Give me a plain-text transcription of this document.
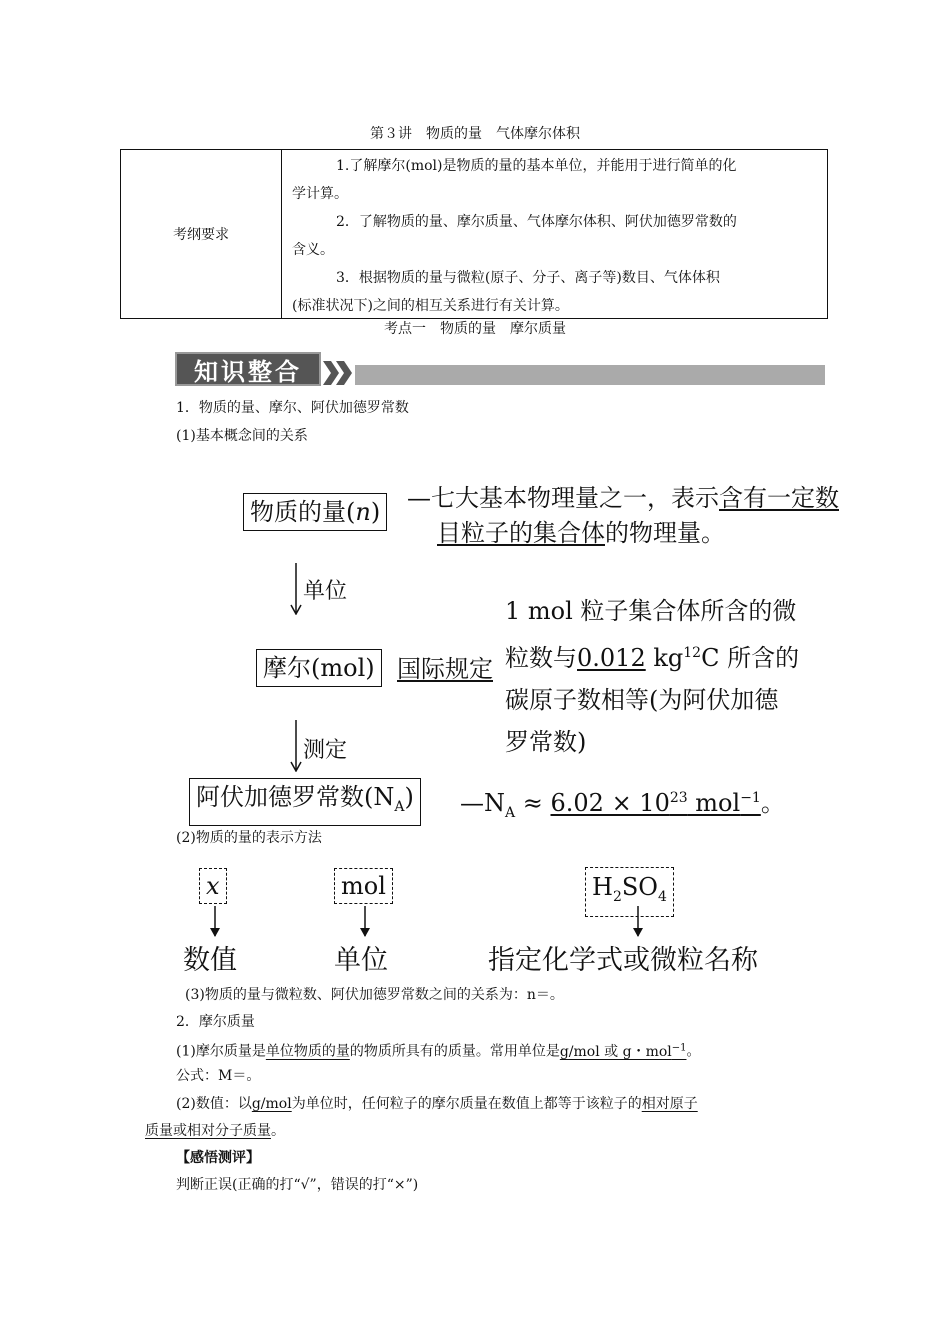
第３讲　物质的量　气体摩尔体积
考纲要求
1.了解摩尔(mol)是物质的量的基本单位，并能用于进行简单的化
学计算。
2．了解物质的量、摩尔质量、气体摩尔体积、阿伏加德罗常数的
含义。
3．根据物质的量与微粒(原子、分子、离子等)数目、气体体积
(标准状况下)之间的相互关系进行有关计算。
考点一　物质的量　摩尔质量
知识整合
1．物质的量、摩尔、阿伏加德罗常数
(1)基本概念间的关系
物质的量(n) —七大基本物理量之一，表示含有一定数
目粒子的集合体的物理量。
单位
1 mol 粒子集合体所含的微
粒数与0.012 $kg^{12}C$ 所含的
碳原子数相等(为阿伏加德
罗常数)
摩尔(mol) 国际规定
测定
阿伏加德罗常数$(N_A)$ $—N_A \approx 6.02 \times 10^{23}$ mol$^{-1}$。
(2)物质的量的表示方法
x	mol	$H_2SO_4$
数值	单位	指定化学式或微粒名称
(3)物质的量与微粒数、阿伏加德罗常数之间的关系为：n＝。
2．摩尔质量
(1)摩尔质量是单位物质的量的物质所具有的质量。常用单位是g/mol 或 g・mol$^{-1}$。
公式：M＝。
(2)数值：以g/mol为单位时，任何粒子的摩尔质量在数值上都等于该粒子的相对原子
质量或相对分子质量。
【感悟测评】
判断正误(正确的打“√”，错误的打“×”)
